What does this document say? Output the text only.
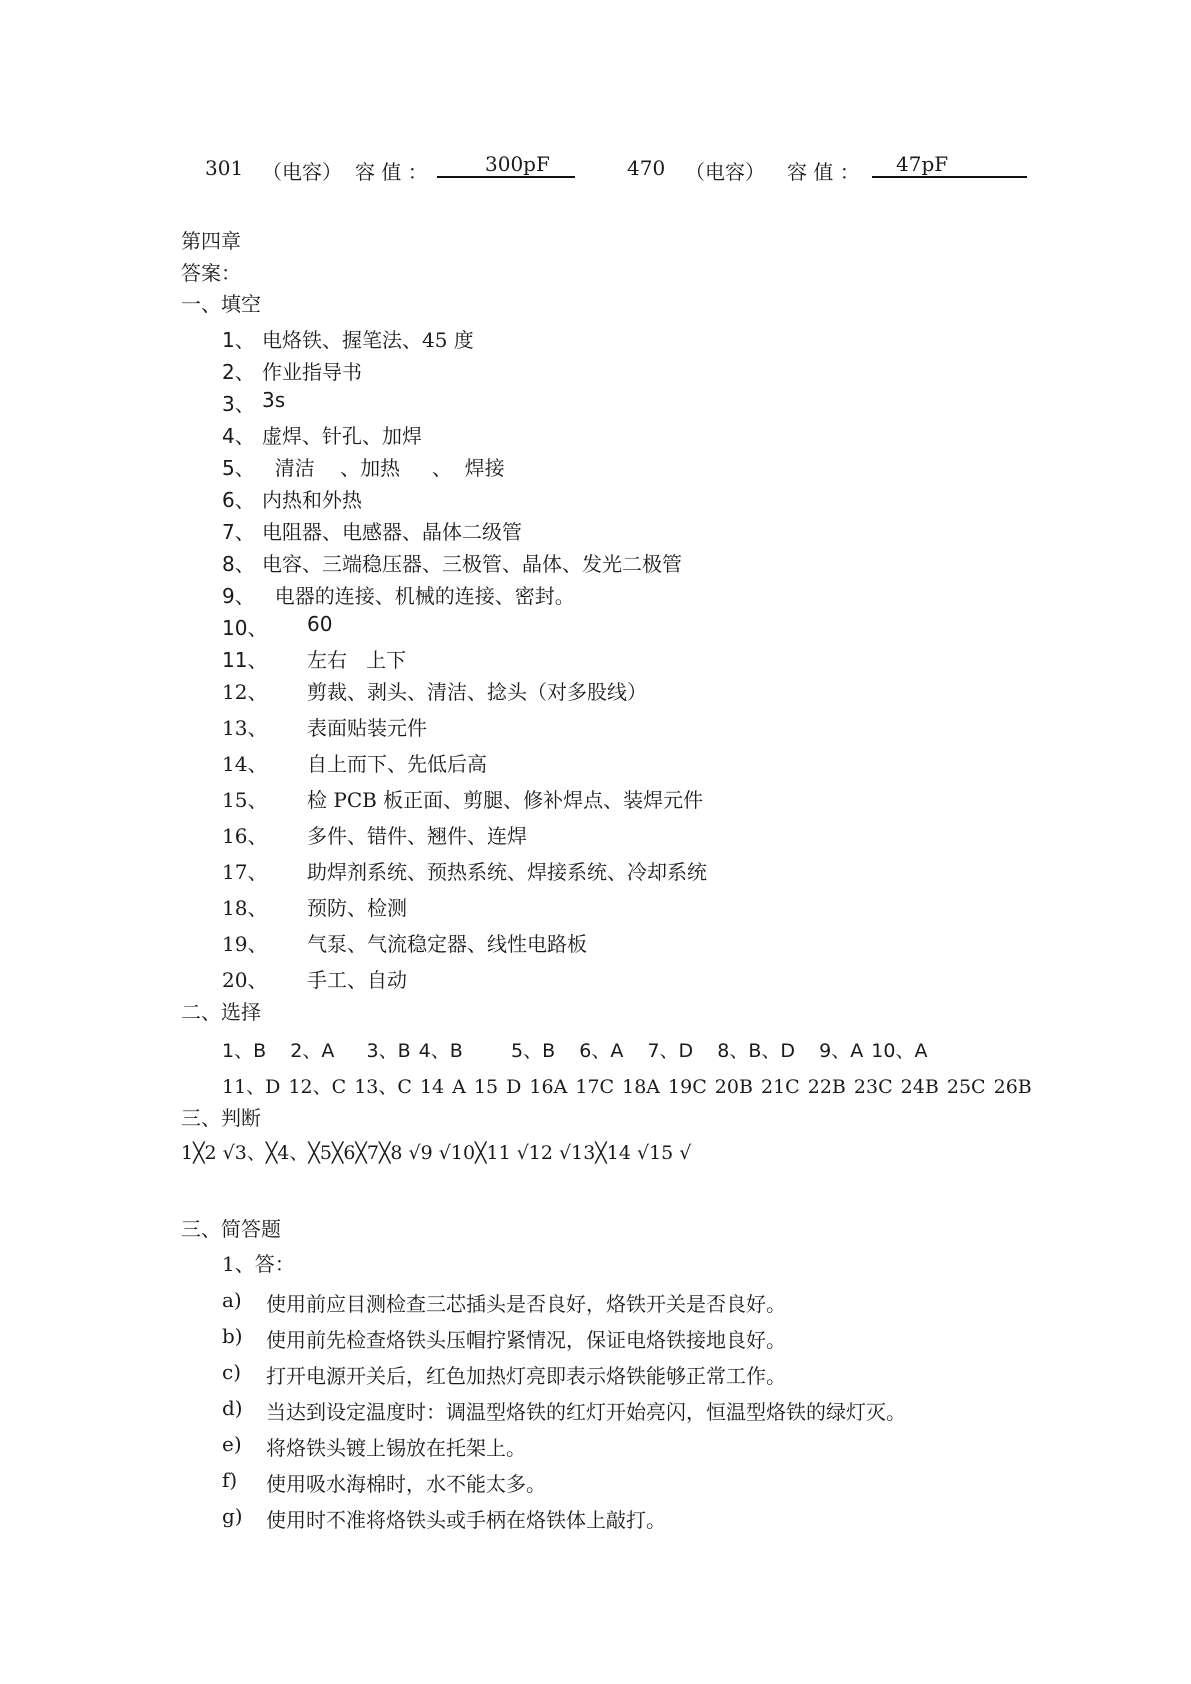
301 （电容） 容 值 ：	300pF	470 （电容） 容 值 ：	47pF
第四章
答案：
一、填空
1、 电烙铁、握笔法、45 度
2、 作业指导书
3、 3s
4、 虚焊、针孔、加焊
5、 清洁    、加热     、  焊接
6、 内热和外热
7、 电阻器、电感器、晶体二级管
8、 电容、三端稳压器、三极管、晶体、发光二极管
9、 电器的连接、机械的连接、密封。
10、 60
11、 左右   上下
12、 剪裁、剥头、清洁、捻头（对多股线）
13、 表面贴装元件
14、 自上而下、先低后高
15、 检 PCB 板正面、剪腿、修补焊点、装焊元件
16、 多件、错件、翘件、连焊
17、 助焊剂系统、预热系统、焊接系统、冷却系统
18、 预防、检测
19、 气泵、气流稳定器、线性电路板
20、 手工、自动
二、选择
1、B   2、A    3、B 4、B      5、B   6、A   7、D   8、B、D   9、A 10、A
11、D 12、C 13、C 14 A 15 D 16A 17C 18A 19C 20B 21C 22B 23C 24B 25C 26B
三、判断
1╳2 √3、╳4、╳5╳6╳7╳8 √9 √10╳11 √12 √13╳14 √15 √
三、简答题
1、答：
a) 使用前应目测检查三芯插头是否良好，烙铁开关是否良好。
b) 使用前先检查烙铁头压帽拧紧情况，保证电烙铁接地良好。
c) 打开电源开关后，红色加热灯亮即表示烙铁能够正常工作。
d) 当达到设定温度时：调温型烙铁的红灯开始亮闪，恒温型烙铁的绿灯灭。
e) 将烙铁头镀上锡放在托架上。
f) 使用吸水海棉时，水不能太多。
g) 使用时不准将烙铁头或手柄在烙铁体上敲打。
